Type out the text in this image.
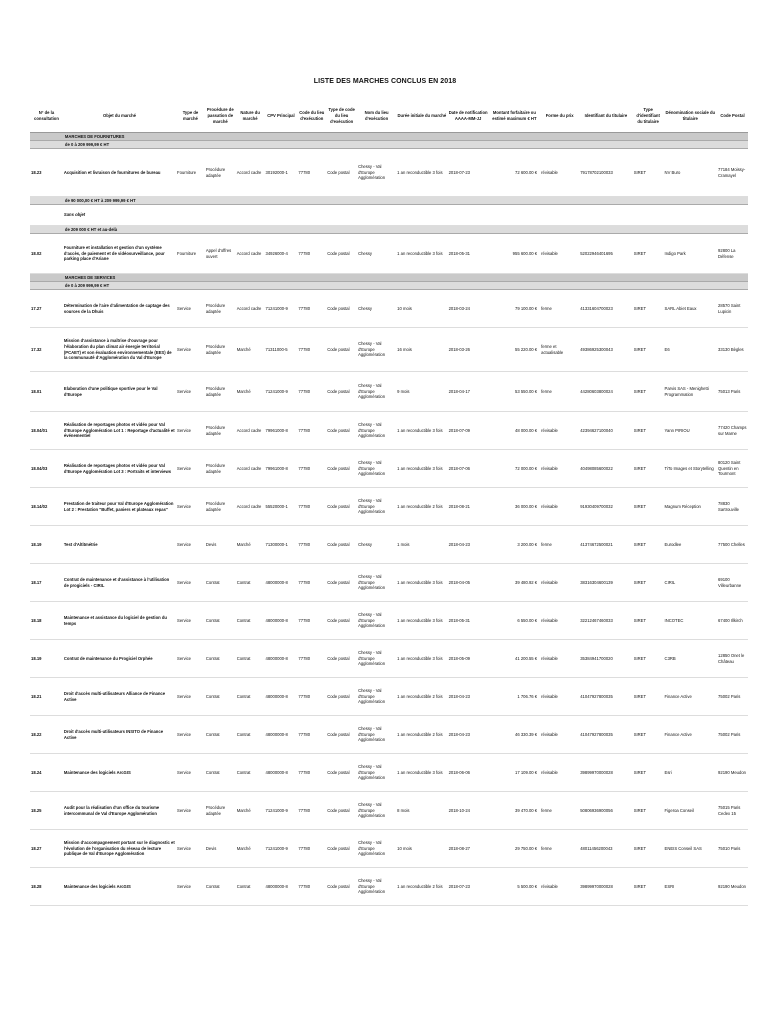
LISTE DES MARCHES CONCLUS EN 2018
N° de la consultation	Objet du marché	Type de marché	Procédure de passation de marché	Nature du marché	CPV Principal	Code du lieu d'exécution	Type de code du lieu d'exécution	Nom du lieu d'exécution	Durée initiale du marché	Date de notification AAAA-MM-JJ	Montant forfaitaire ou estimé maximum € HT	Forme du prix	Identifiant du titulaire	Type d'identifiant du titulaire	Dénomination sociale du titulaire	Code Postal
	MARCHES DE FOURNITURES															
	de 0 à 209 999,99 € HT															
18.23	Acquisition et livraison de fournitures de bureau	Fourniture	Procédure adaptée	Accord cadre	30192000-1	77780	Code postal	Chessy - Val d'Europe Agglomération	1 an reconductible 3 fois	2018-07-23	72 600.00 €	révisable	79178702100033	SIRET	NV Burо	77184 Moissy-Cramayel
	de 90 000,00 € HT à 209 999,99 € HT															
	Sans objet															
	de 209 000 € HT et au-delà															
18.02	Fourniture et installation et gestion d'un système d'accès, de paiement et de vidéosurveillance, pour parking place d'Ariane	Fourniture	Appel d'offres ouvert	Accord cadre	34926000-4	77780	Code postal	Chessy	1 an reconductible 3 fois	2018-05-31	955 600.00 €	révisable	52022946401695	SIRET	Indigo Park	92800 La Défense
	MARCHES DE SERVICES															
	de 0 à 209 999,99 € HT															
17.27	Détermination de l'aire d'alimentation de captage des sources de la Dhuis	Service	Procédure adaptée	Accord cadre	71241000-9	77780	Code postal	Chessy	10 mois	2018-03-24	79 100.00 €	ferme	41331604700023	SIRET	SARL Abiet Eaux	28570 Saint Lupicin
17.32	Mission d'assistance à maîtrise d'ouvrage pour l'élaboration du plan climat air énergie territorial (PCAET) et son évaluation environnementale (EES) de la communauté d'Agglomération du Val d'Europe	Service	Procédure adaptée	Marché	71311000-5	77780	Code postal	Chessy - Val d'Europe Agglomération	16 mois	2018-03-26	55 220.00 €	ferme et actualisable	49386925300043	SIRET	E6	33130 Bègles
18.01	Elaboration d'une politique sportive pour le Val d'Europe	Service	Procédure adaptée	Marché	71241000-9	77780	Code postal	Chessy - Val d'Europe Agglomération	9 mois	2018-04-17	53 550.00 €	ferme	44280603800024	SIRET	Parvis SAS - Menighetti Programmation	75013 Paris
18.04/01	Réalisation de reportages photos et vidéo pour Val d'Europe Agglomération Lot 1 : Reportage d'actualité et événementiel	Service	Procédure adaptée	Accord cadre	79961000-8	77780	Code postal	Chessy - Val d'Europe Agglomération	1 an reconductible 3 fois	2018-07-09	48 000.00 €	révisable	42394627100040	SIRET	Yann PIRIOU	77420 Champs sur Marne
18.04/03	Réalisation de reportages photos et vidéo pour Val d'Europe Agglomération Lot 3 : Portraits et interviews	Service	Procédure adaptée	Accord cadre	79961000-8	77780	Code postal	Chessy - Val d'Europe Agglomération	1 an reconductible 3 fois	2018-07-06	72 000.00 €	révisable	40498085600022	SIRET	TiTo Images et Storytelling	80120 Saint Quentin en Tourmont
18.14/02	Prestation de traiteur pour Val d'Europe Agglomération Lot 2 : Prestation "Buffet, paniers et plateaux repas"	Service	Procédure adaptée	Accord cadre	55520000-1	77780	Code postal	Chessy - Val d'Europe Agglomération	1 an reconductible 2 fois	2018-08-21	36 000.00 €	révisable	91930409700032	SIRET	Magnum Réception	78830 Sartrouville
18.19	Test d'Altitmétrie	Service	Devis	Marché	71300000-1	77780	Code postal	Chessy	1 mois	2018-04-23	3 200.00 €	ferme	41374672500021	SIRET	Eurodlee	77500 Chelles
18.17	Contrat de maintenance et d'assistance à l'utilisation de progiciels - CIRIL	Service	Contrat	Contrat	48000000-8	77780	Code postal	Chessy - Val d'Europe Agglomération	1 an reconductible 3 fois	2018-04-05	39 480.92 €	révisable	38316304600139	SIRET	CIRIL	69100 Villeurbanne
18.18	Maintenance et assistance du logiciel de gestion du temps	Service	Contrat	Contrat	48000000-8	77780	Code postal	Chessy - Val d'Europe Agglomération	1 an reconductible 3 fois	2018-05-31	6 550.00 €	révisable	32212467460033	SIRET	INCOTEC	67400 Illkirch
18.19	Contrat de maintenance du Progiciel Orphée	Service	Contrat	Contrat	48000000-8	77780	Code postal	Chessy - Val d'Europe Agglomération	1 an reconductible 3 fois	2018-05-09	41 200.55 €	révisable	35384941700020	SIRET	C3RB	12850 Onet le Château
18.21	Droit d'accès multi-utilisateurs Alliance de Finance Active	Service	Contrat	Contrat	48000000-8	77780	Code postal	Chessy - Val d'Europe Agglomération	1 an reconductible 2 fois	2018-04-23	1 706.76 €	révisable	41047927800035	SIRET	Finance Active	75002 Paris
18.22	Droit d'accès multi-utilisateurs INSITO de Finance Active	Service	Contrat	Contrat	48000000-8	77780	Code postal	Chessy - Val d'Europe Agglomération	1 an reconductible 2 fois	2018-04-23	46 330.39 €	révisable	41047927800035	SIRET	Finance Active	75002 Paris
18.24	Maintenance des logiciels ArcGIS	Service	Contrat	Contrat	48000000-8	77780	Code postal	Chessy - Val d'Europe Agglomération	1 an reconductible 3 fois	2018-06-06	17 109.00 €	révisable	39899970000028	SIRET	Esri	92190 Meudon
18.25	Audit pour la réalisation d'un office du tourisme intercommunal de Val d'Europe Agglomération	Service	Procédure adaptée	Marché	71241000-9	77780	Code postal	Chessy - Val d'Europe Agglomération	8 mois	2018-10-24	39 470.00 €	ferme	50806936900056	SIRET	Figeroa Conseil	75015 Paris Cedex 15
18.27	Mission d'accompagnement portant sur le diagnostic et l'évolution de l'organisation du réseau de lecture publique de Val d'Europe Agglomération	Service	Devis	Marché	71241000-9	77780	Code postal	Chessy - Val d'Europe Agglomération	10 mois	2018-08-27	29 750.00 €	ferme	48011456200043	SIRET	ENEIS Conseil SAS	75010 Paris
18.28	Maintenance des logiciels ArcGIS	Service	Contrat	Contrat	48000000-8	77780	Code postal	Chessy - Val d'Europe Agglomération	1 an reconductible 2 fois	2018-07-23	5 500.00 €	révisable	39899970000028	SIRET	ESRI	92190 Meudon
